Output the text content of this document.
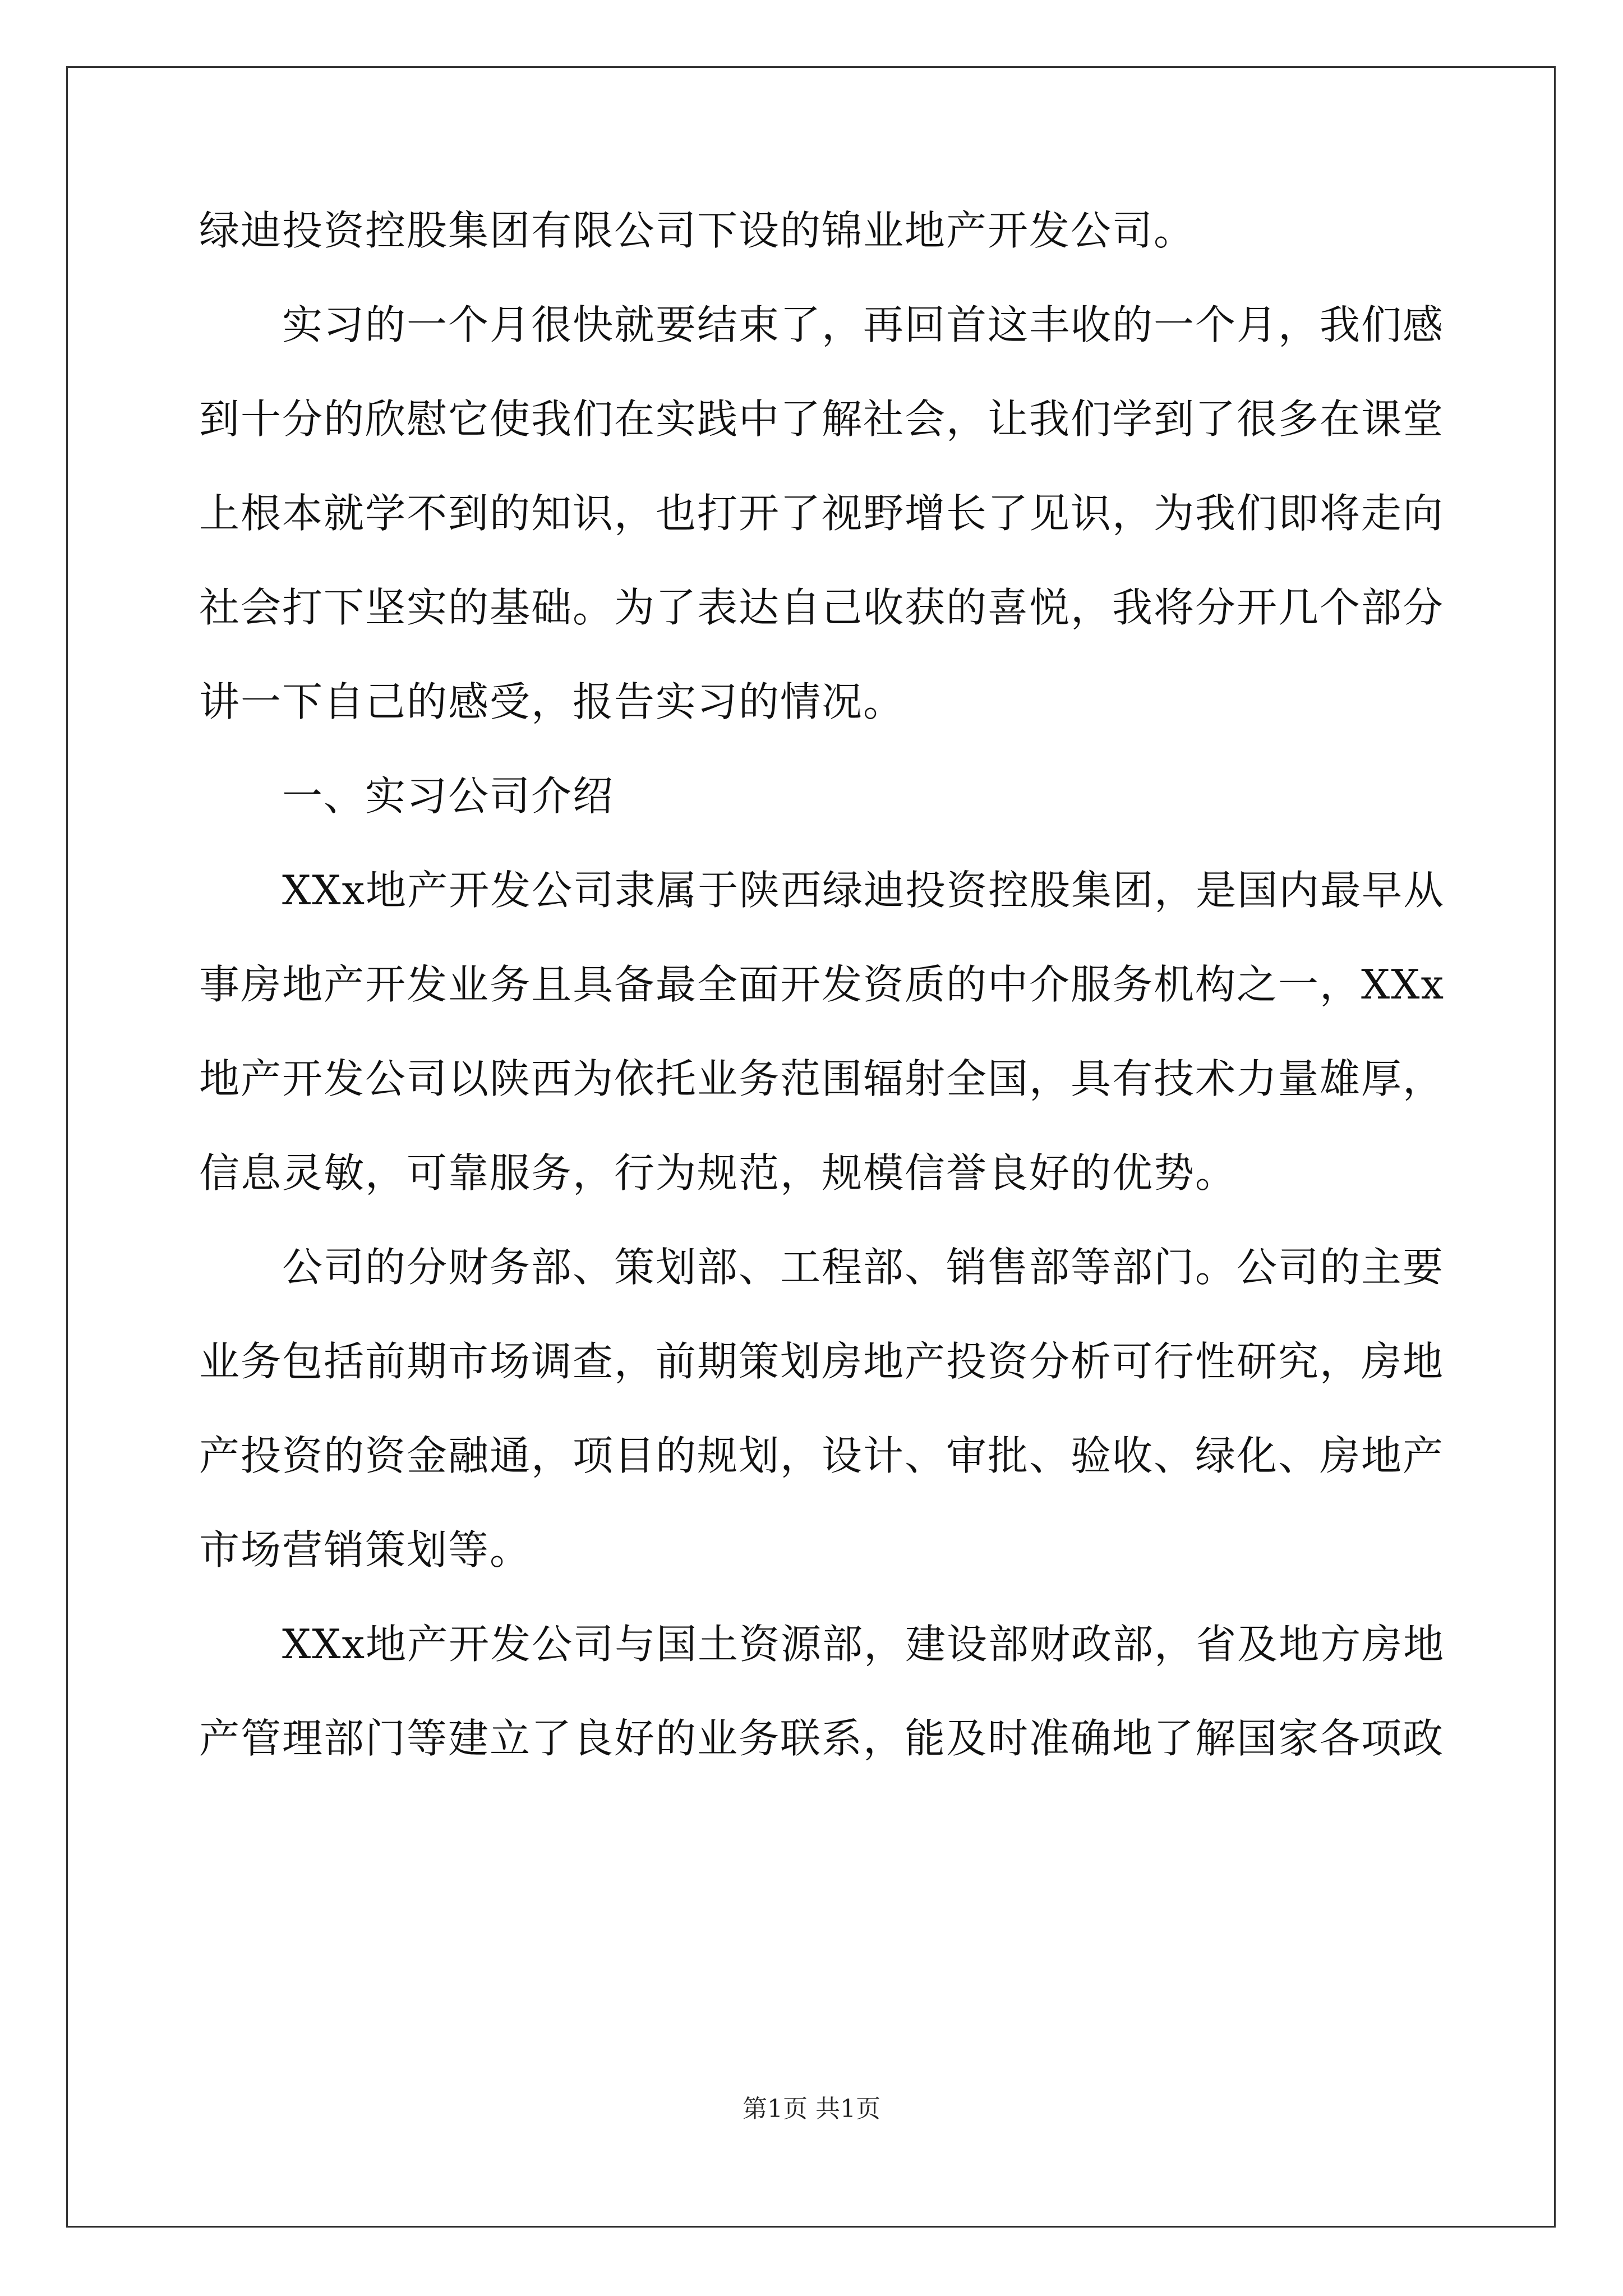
绿迪投资控股集团有限公司下设的锦业地产开发公司。
实习的一个月很快就要结束了，再回首这丰收的一个月，我们感
到十分的欣慰它使我们在实践中了解社会，让我们学到了很多在课堂
上根本就学不到的知识，也打开了视野增长了见识，为我们即将走向
社会打下坚实的基础。为了表达自己收获的喜悦，我将分开几个部分
讲一下自己的感受，报告实习的情况。
一、实习公司介绍
XXx地产开发公司隶属于陕西绿迪投资控股集团，是国内最早从
事房地产开发业务且具备最全面开发资质的中介服务机构之一，XXx
地产开发公司以陕西为依托业务范围辐射全国，具有技术力量雄厚，
信息灵敏，可靠服务，行为规范，规模信誉良好的优势。
公司的分财务部、策划部、工程部、销售部等部门。公司的主要
业务包括前期市场调查，前期策划房地产投资分析可行性研究，房地
产投资的资金融通，项目的规划，设计、审批、验收、绿化、房地产
市场营销策划等。
XXx地产开发公司与国土资源部，建设部财政部，省及地方房地
产管理部门等建立了良好的业务联系，能及时准确地了解国家各项政
第1页 共1页
